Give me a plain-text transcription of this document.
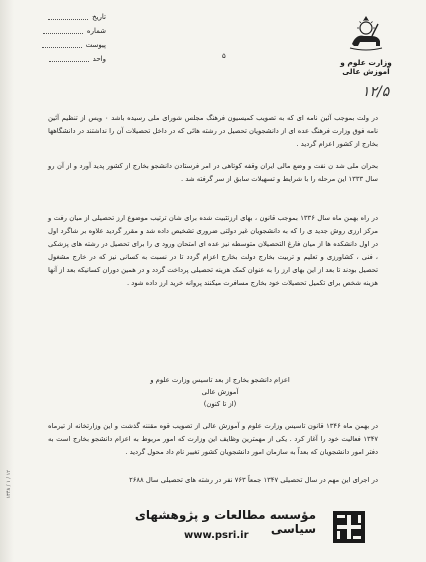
تاریخ
شماره
پیوست
واحد	۵
وزارت علوم و آموزش عالی
۱۲/۵

در ولت بموجب آئین نامه ای که به تصویب کمیسیون فرهنگ مجلس شورای ملی رسیده باشد ۰ ویس از تنظیم آئین نامه فوق وزارت فرهنگ عده ای از دانشجویان تحصیل در رشته هائی که در داخل تحصیلات آن را نداشتند در دانشگاهها بخارج از کشور اعزام گردید .

بحران ملی شد ن نفت و وضع مالی ایران وقفه کوتاهی در امر فرستادن دانشجو بخارج از کشور پدید آورد و از آن رو سال ۱۳۳۳ این مرحله را با شرایط و تسهیلات سابق از سر گرفته شد .

در راه بهمن ماه سال ۱۳۳۶ بموجب قانون ، بهای ارزتثبیت شده برای شان ترتیب موضوع ارز تحصیلی از میان رفت و مرکز ارزی روش جدید ی را که به دانشجویان غیر دولتی ضروری تشخیص داده شد و مقرر گردید علاوه بر شاگرد اول در اول دانشکده ها از میان فارغ التحصیلان متوسطه نیز عده ای امتحان ورود ی را برای تحصیل در رشته های پزشکی ، فنی ، کشاورزی و تعلیم و تربیت بخارج دولت بخارج اعزام گردد تا در نسبت به کسانی نیز که در خارج مشغول تحصیل بودند تا بعد از این بهای ارز را به عنوان کمک هزینه تحصیلی پرداخت گردد و در همین دوران کسانیکه بعد از آنها هزینه شخص برای تکمیل تحصیلات خود بخارج مسافرت میکنند پروانه خرید ارز داده شود .

اعزام دانشجو بخارج از بعد تاسیس وزارت علوم و آموزش عالی
(از تا کنون)

در بهمن ماه ۱۳۴۶ قانون تاسیس وزارت علوم و آموزش عالی از تصویب قوه مقننه گذشت و این وزارتخانه از تیرماه ۱۳۴۷ فعالیت خود را آغاز کرد . یکی از مهمترین وظایف این وزارت که امور مربوط به اعزام دانشجو بخارج است به دفتر امور دانشجویان که بعداً به سازمان امور دانشجویان کشور تغییر نام داد محول گردید .

در اجرای این مهم در سال تحصیلی ۱۳۴۷ جمعاً ۷۶۳ نفر در رشته های تحصیلی سال ۲۶۸۸

۱۳۴۸ / ۱ / ۱۲
مؤسسه مطالعات و پژوهشهای سیاسی
www.psri.ir
